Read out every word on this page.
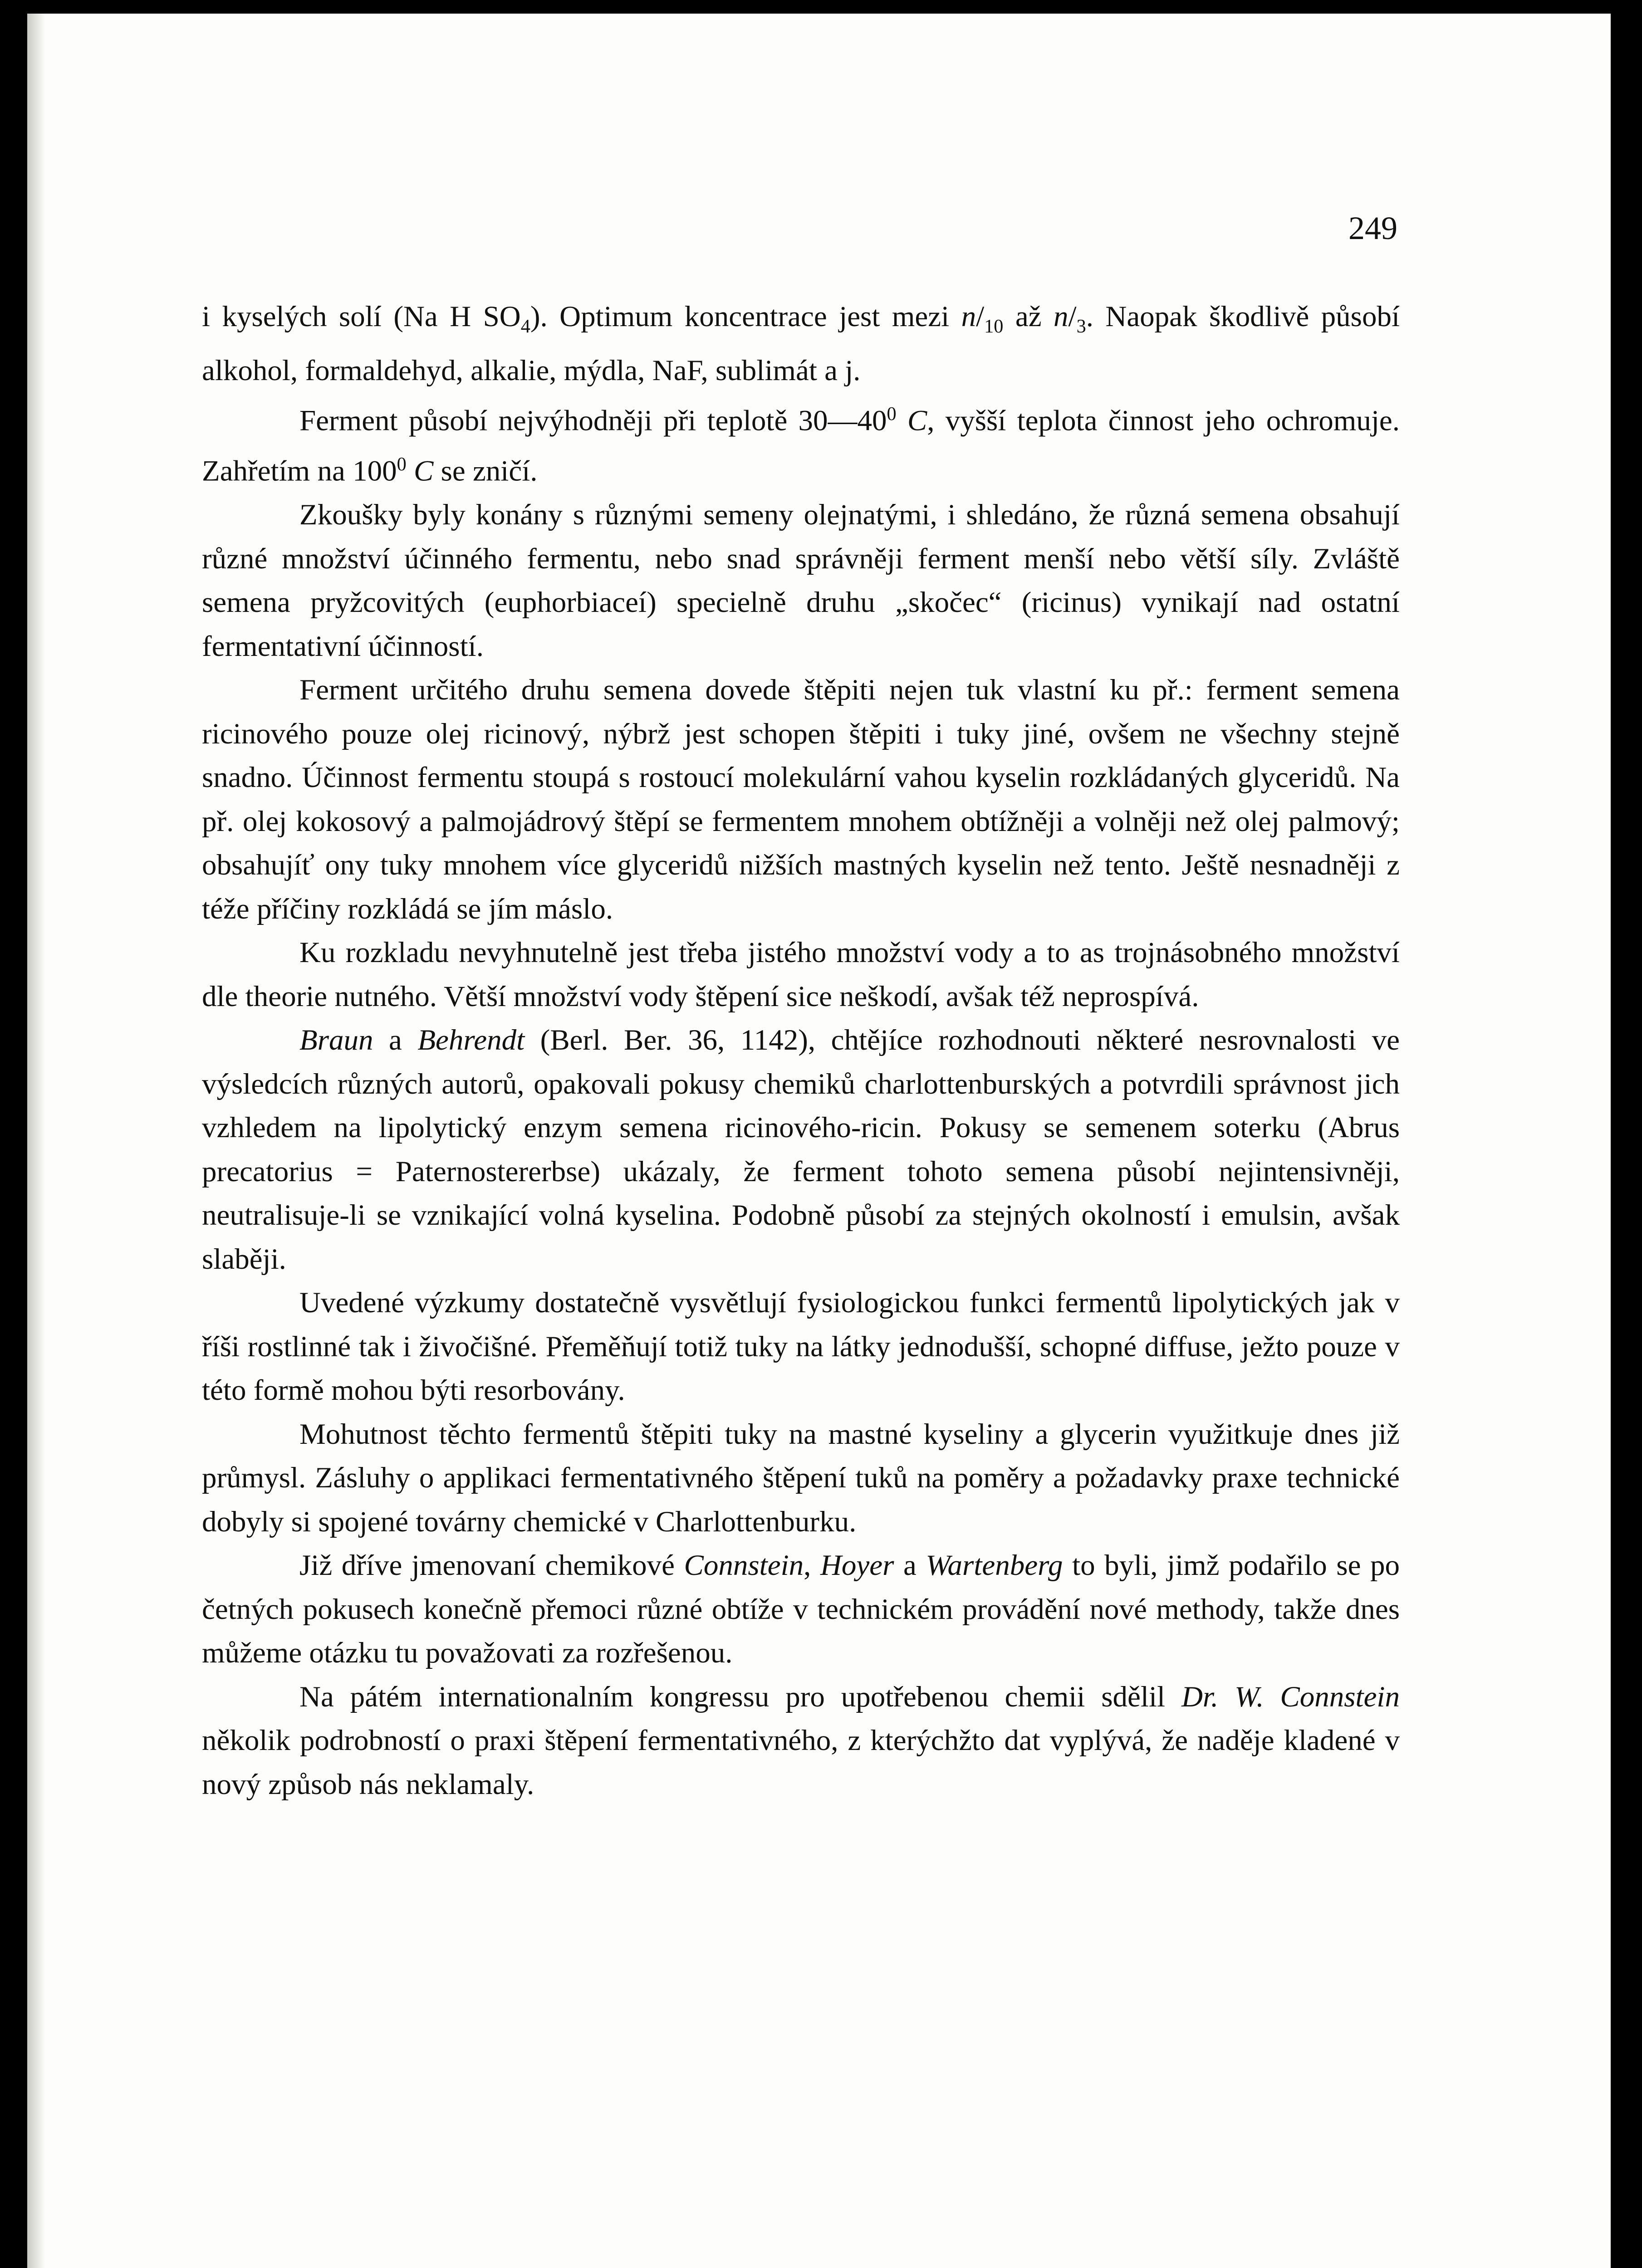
249

i kyselých solí (Na H $SO_4$). Optimum koncentrace jest mezi $n/_{10}$ až $n/_3$. Naopak škodlivě působí alkohol, formaldehyd, alkalie, mýdla, NaF, sublimát a j.

Ferment působí nejvýhodněji při teplotě $30—40^0$ C, vyšší teplota činnost jeho ochromuje. Zahřetím na $100^0$ C se zničí.

Zkoušky byly konány s různými semeny olejnatými, i shledáno, že různá semena obsahují různé množství účinného fermentu, nebo snad správněji ferment menší nebo větší síly. Zvláště semena pryžcovitých (euphorbiaceí) specielně druhu „skočec“ (ricinus) vynikají nad ostatní fermentativní účinností.

Ferment určitého druhu semena dovede štěpiti nejen tuk vlastní ku př.: ferment semena ricinového pouze olej ricinový, nýbrž jest schopen štěpiti i tuky jiné, ovšem ne všechny stejně snadno. Účinnost fermentu stoupá s rostoucí molekulární vahou kyselin rozkládaných glyceridů. Na př. olej kokosový a palmojádrový štěpí se fermentem mnohem obtížněji a volněji než olej palmový; obsahujíť ony tuky mnohem více glyceridů nižších mastných kyselin než tento. Ještě nesnadněji z téže příčiny rozkládá se jím máslo.

Ku rozkladu nevyhnutelně jest třeba jistého množství vody a to as trojnásobného množství dle theorie nutného. Větší množství vody štěpení sice neškodí, avšak též neprospívá.

Braun a Behrendt (Berl. Ber. 36, 1142), chtějíce rozhodnouti některé nesrovnalosti ve výsledcích různých autorů, opakovali pokusy chemiků charlottenburských a potvrdili správnost jich vzhledem na lipolytický enzym semena ricinového-ricin. Pokusy se semenem soterku (Abrus precatorius = Paternostererbse) ukázaly, že ferment tohoto semena působí nejintensivněji, neutralisuje-li se vznikající volná kyselina. Podobně působí za stejných okolností i emulsin, avšak slaběji.

Uvedené výzkumy dostatečně vysvětlují fysiologickou funkci fermentů lipolytických jak v říši rostlinné tak i živočišné. Přeměňují totiž tuky na látky jednodušší, schopné diffuse, ježto pouze v této formě mohou býti resorbovány.

Mohutnost těchto fermentů štěpiti tuky na mastné kyseliny a glycerin využitkuje dnes již průmysl. Zásluhy o applikaci fermentativného štěpení tuků na poměry a požadavky praxe technické dobyly si spojené továrny chemické v Charlottenburku.

Již dříve jmenovaní chemikové Connstein, Hoyer a Wartenberg to byli, jimž podařilo se po četných pokusech konečně přemoci různé obtíže v technickém provádění nové methody, takže dnes můžeme otázku tu považovati za rozřešenou.

Na pátém internationalním kongressu pro upotřebenou chemii sdělil Dr. W. Connstein několik podrobností o praxi štěpení fermentativného, z kterýchžto dat vyplývá, že naděje kladené v nový způsob nás neklamaly.
